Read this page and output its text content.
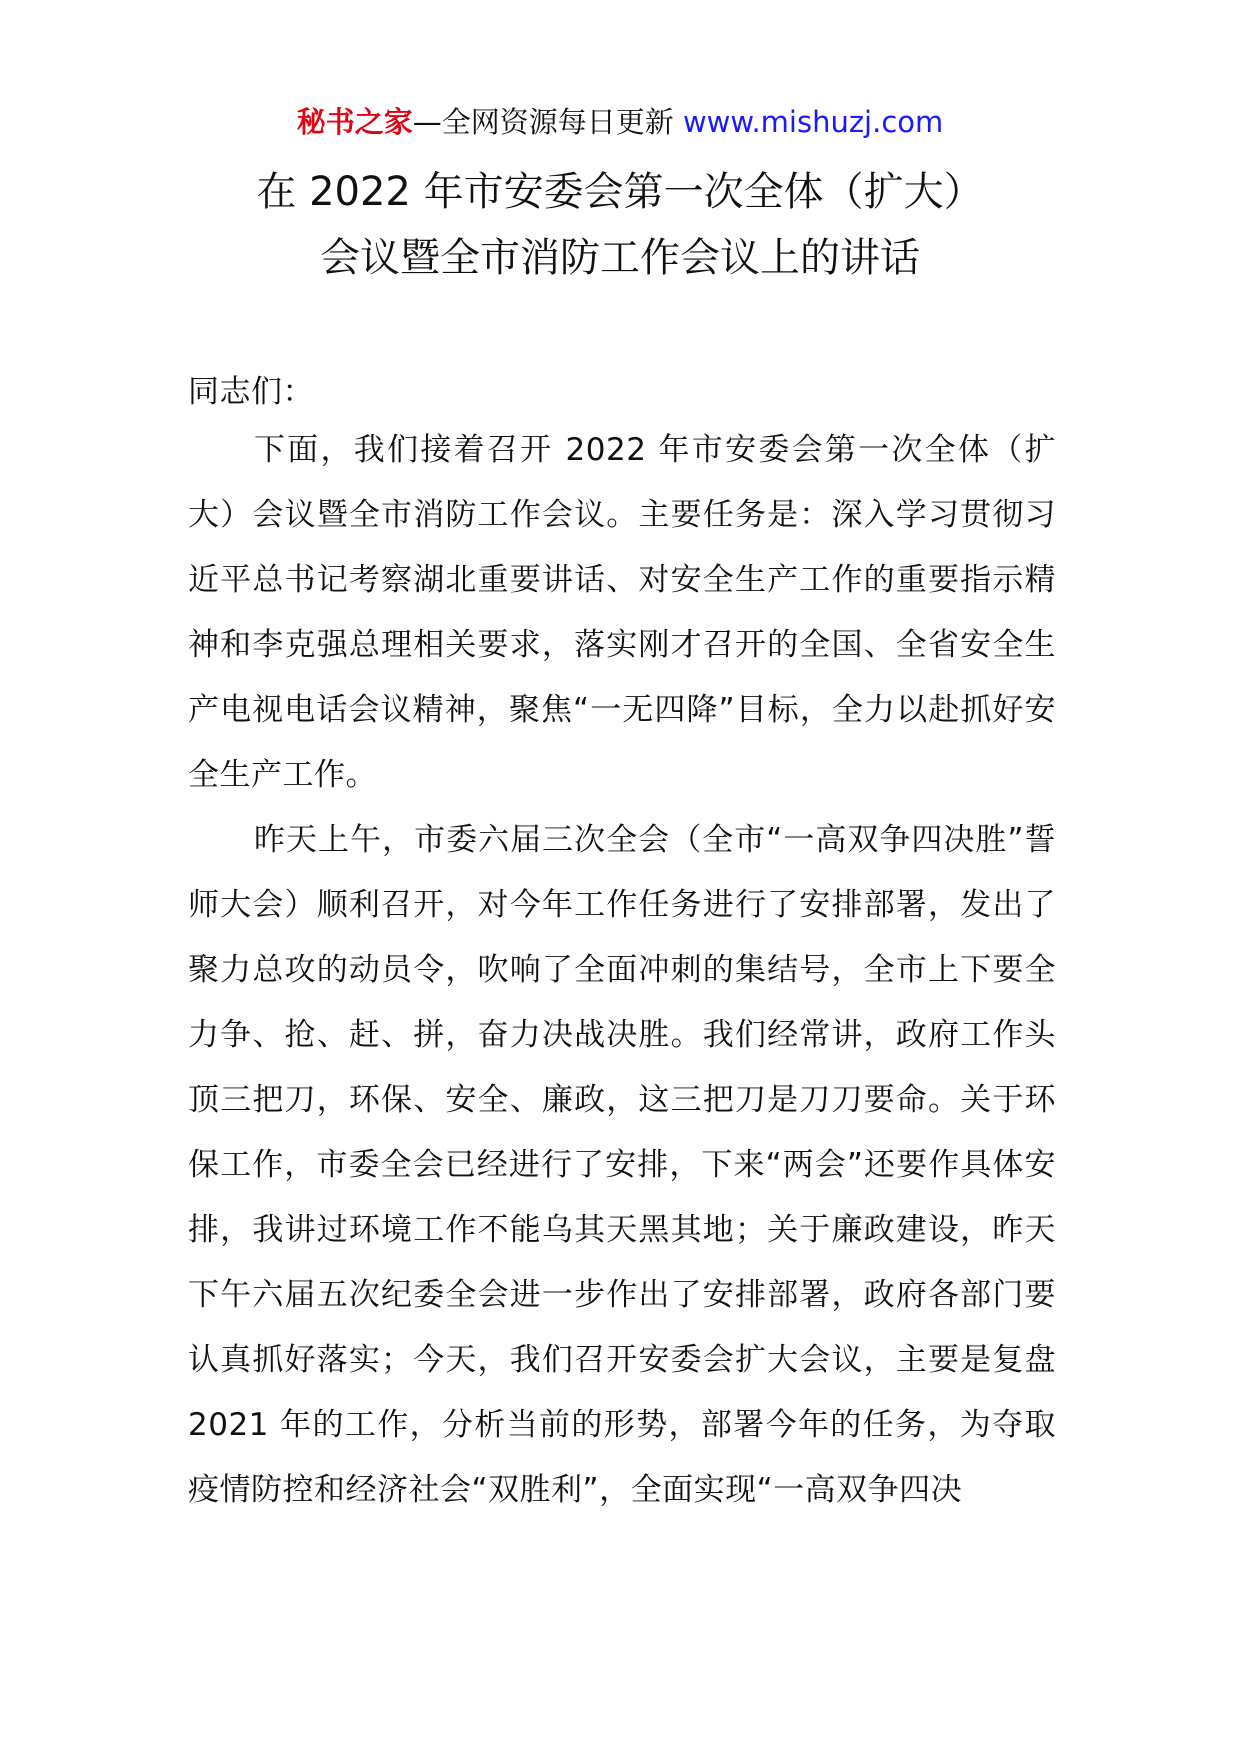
秘书之家—全网资源每日更新 www.mishuzj.com
在 2022 年市安委会第一次全体（扩大）
会议暨全市消防工作会议上的讲话
同志们：
下面，我们接着召开 2022 年市安委会第一次全体（扩大）会议暨全市消防工作会议。主要任务是：深入学习贯彻习近平总书记考察湖北重要讲话、对安全生产工作的重要指示精神和李克强总理相关要求，落实刚才召开的全国、全省安全生产电视电话会议精神，聚焦“一无四降”目标，全力以赴抓好安全生产工作。
昨天上午，市委六届三次全会（全市“一高双争四决胜”誓师大会）顺利召开，对今年工作任务进行了安排部署，发出了聚力总攻的动员令，吹响了全面冲刺的集结号，全市上下要全力争、抢、赶、拼，奋力决战决胜。我们经常讲，政府工作头顶三把刀，环保、安全、廉政，这三把刀是刀刀要命。关于环保工作，市委全会已经进行了安排，下来“两会”还要作具体安排，我讲过环境工作不能乌其天黑其地；关于廉政建设，昨天下午六届五次纪委全会进一步作出了安排部署，政府各部门要认真抓好落实；今天，我们召开安委会扩大会议，主要是复盘 2021 年的工作，分析当前的形势，部署今年的任务，为夺取疫情防控和经济社会“双胜利”，全面实现“一高双争四决
